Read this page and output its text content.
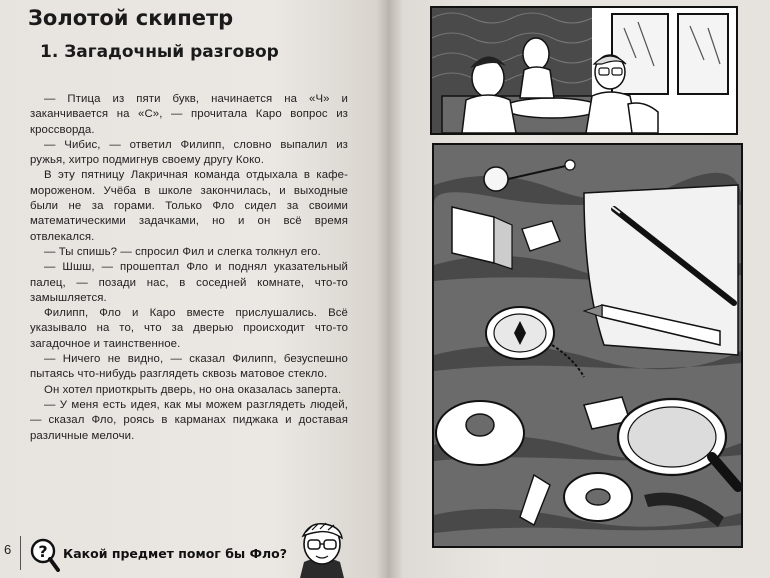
Золотой скипетр
1. Загадочный разговор

— Птица из пяти букв, начинается на «Ч» и заканчивается на «С», — прочитала Каро вопрос из кроссворда.

— Чибис, — ответил Филипп, словно выпалил из ружья, хитро подмигнув своему другу Коко.

В эту пятницу Лакричная команда отдыхала в кафе-мороженом. Учёба в школе закончилась, и выходные были не за горами. Только Фло сидел за своими математическими задачками, но и он всё время отвлекался.

— Ты спишь? — спросил Фил и слегка толкнул его.

— Шшш, — прошептал Фло и поднял указательный палец, — позади нас, в соседней комнате, что-то замышляется.

Филипп, Фло и Каро вместе прислушались. Всё указывало на то, что за дверью происходит что-то загадочное и таинственное.

— Ничего не видно, — сказал Филипп, безуспешно пытаясь что-нибудь разглядеть сквозь матовое стекло.

Он хотел приоткрыть дверь, но она оказалась заперта.

— У меня есть идея, как мы можем разглядеть людей, — сказал Фло, роясь в карманах пиджака и доставая различные мелочи.

6 ? Какой предмет помог бы Фло?
